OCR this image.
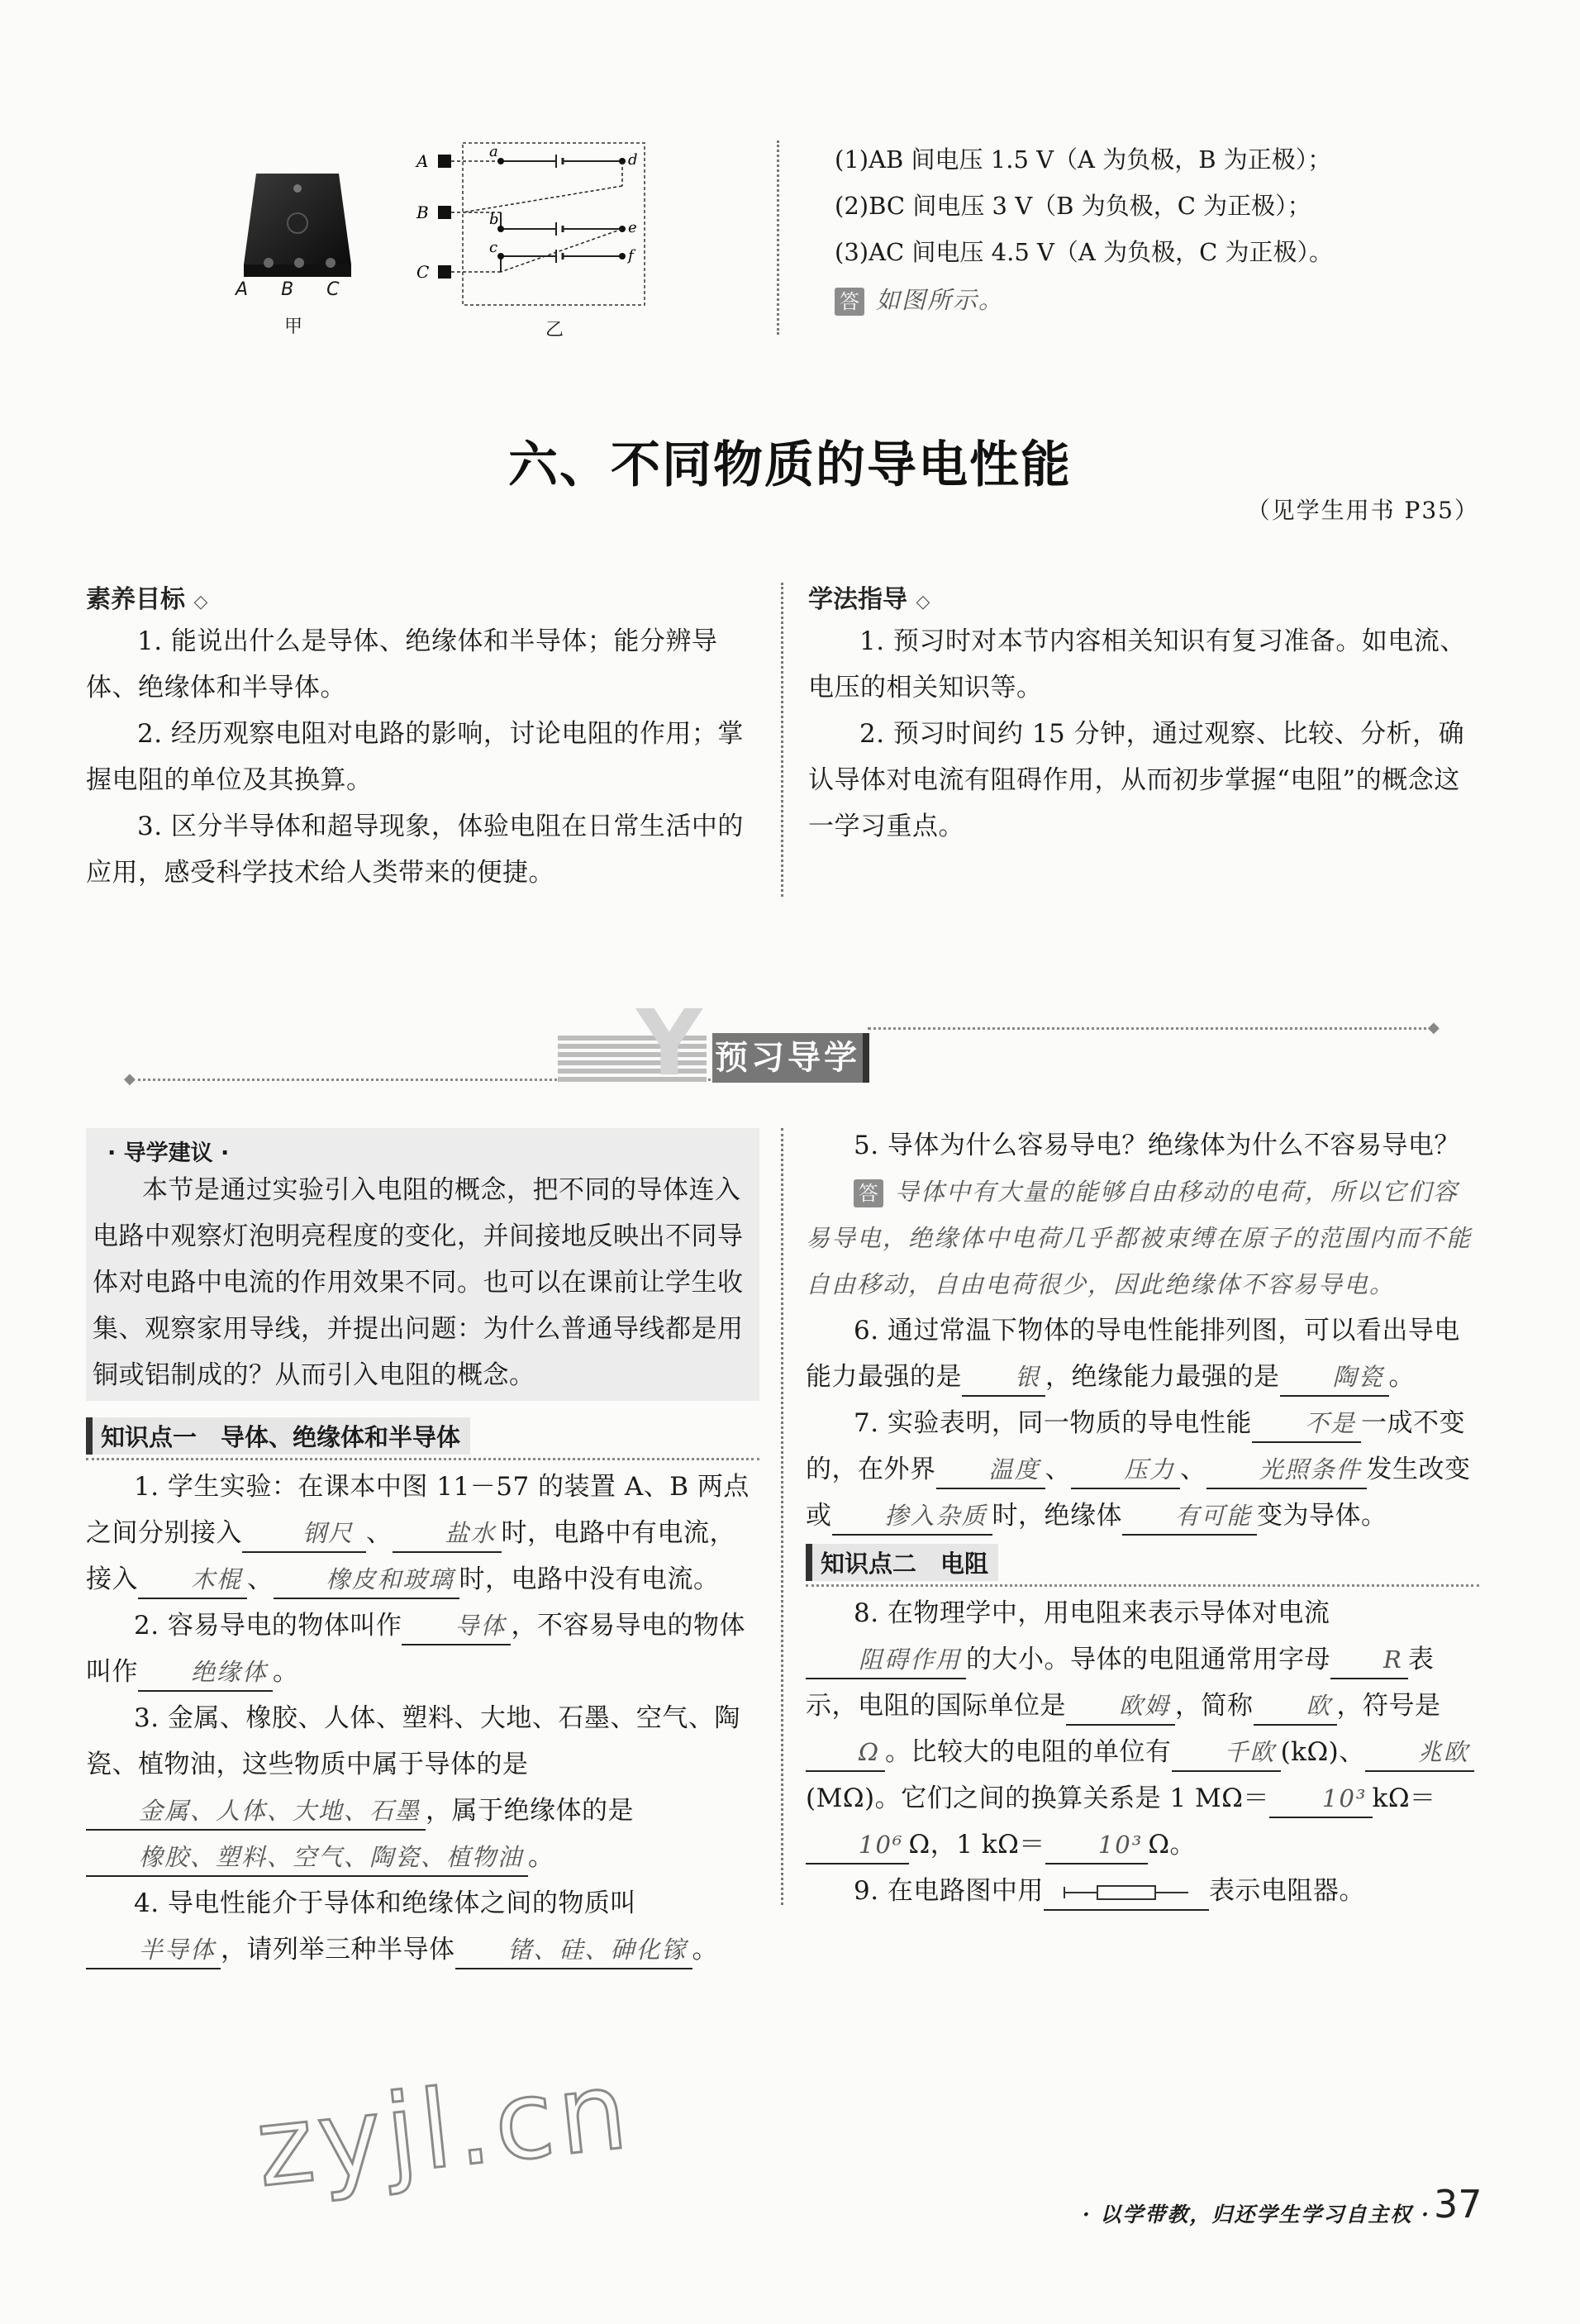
ABC
甲
A
B
C
a
b
c
d
e
f
乙
(1)AB 间电压 1.5 V（A 为负极，B 为正极）；
(2)BC 间电压 3 V（B 为负极，C 为正极）；
(3)AC 间电压 4.5 V（A 为负极，C 为正极）。
答 如图所示。
六、不同物质的导电性能
（见学生用书 P35）
素养目标 ◇

1. 能说出什么是导体、绝缘体和半导体；能分辨导体、绝缘体和半导体。

2. 经历观察电阻对电路的影响，讨论电阻的作用；掌握电阻的单位及其换算。

3. 区分半导体和超导现象，体验电阻在日常生活中的应用，感受科学技术给人类带来的便捷。

学法指导 ◇

1. 预习时对本节内容相关知识有复习准备。如电流、电压的相关知识等。

2. 预习时间约 15 分钟，通过观察、比较、分析，确认导体对电流有阻碍作用，从而初步掌握“电阻”的概念这一学习重点。

◆
◆	Y 预习导学
· 导学建议 ·
本节是通过实验引入电阻的概念，把不同的导体连入电路中观察灯泡明亮程度的变化，并间接地反映出不同导体对电路中电流的作用效果不同。也可以在课前让学生收集、观察家用导线，并提出问题：为什么普通导线都是用铜或铝制成的？从而引入电阻的概念。
知识点一　导体、绝缘体和半导体

1. 学生实验：在课本中图 11－57 的装置 A、B 两点之间分别接入	钢尺 、 盐水 时，电路中有电流，接入 木棍 、 橡皮和玻璃 时，电路中没有电流。

2. 容易导电的物体叫作 导体 ，不容易导电的物体叫作 绝缘体 。

3. 金属、橡胶、人体、塑料、大地、石墨、空气、陶瓷、植物油，这些物质中属于导体的是金属、人体、大地、石墨 ，属于绝缘体的是橡胶、塑料、空气、陶瓷、植物油 。

4. 导电性能介于导体和绝缘体之间的物质叫半导体 ，请列举三种半导体 锗、硅、砷化镓 。

5. 导体为什么容易导电？绝缘体为什么不容易导电？

答 导体中有大量的能够自由移动的电荷，所以它们容易导电，绝缘体中电荷几乎都被束缚在原子的范围内而不能自由移动，自由电荷很少，因此绝缘体不容易导电。

6. 通过常温下物体的导电性能排列图，可以看出导电能力最强的是 银 ，绝缘能力最强的是 陶瓷 。

7. 实验表明，同一物质的导电性能 不是 一成不变的，在外界 温度 、 压力 、 光照条件 发生改变或 掺入杂质 时，绝缘体 有可能 变为导体。

知识点二　电阻

8. 在物理学中，用电阻来表示导体对电流阻碍作用 的大小。导体的电阻通常用字母 R 表示，电阻的国际单位是 欧姆 ，简称 欧 ，符号是Ω 。比较大的电阻的单位有 千欧 (kΩ)、 兆欧(MΩ)。它们之间的换算关系是 1 MΩ＝ 10³ kΩ＝10⁶ Ω，1 kΩ＝ 10³ Ω。

9. 在电路图中用	表示电阻器。

zyjl.cn
· 以学带教，归还学生学习自主权 · 37
